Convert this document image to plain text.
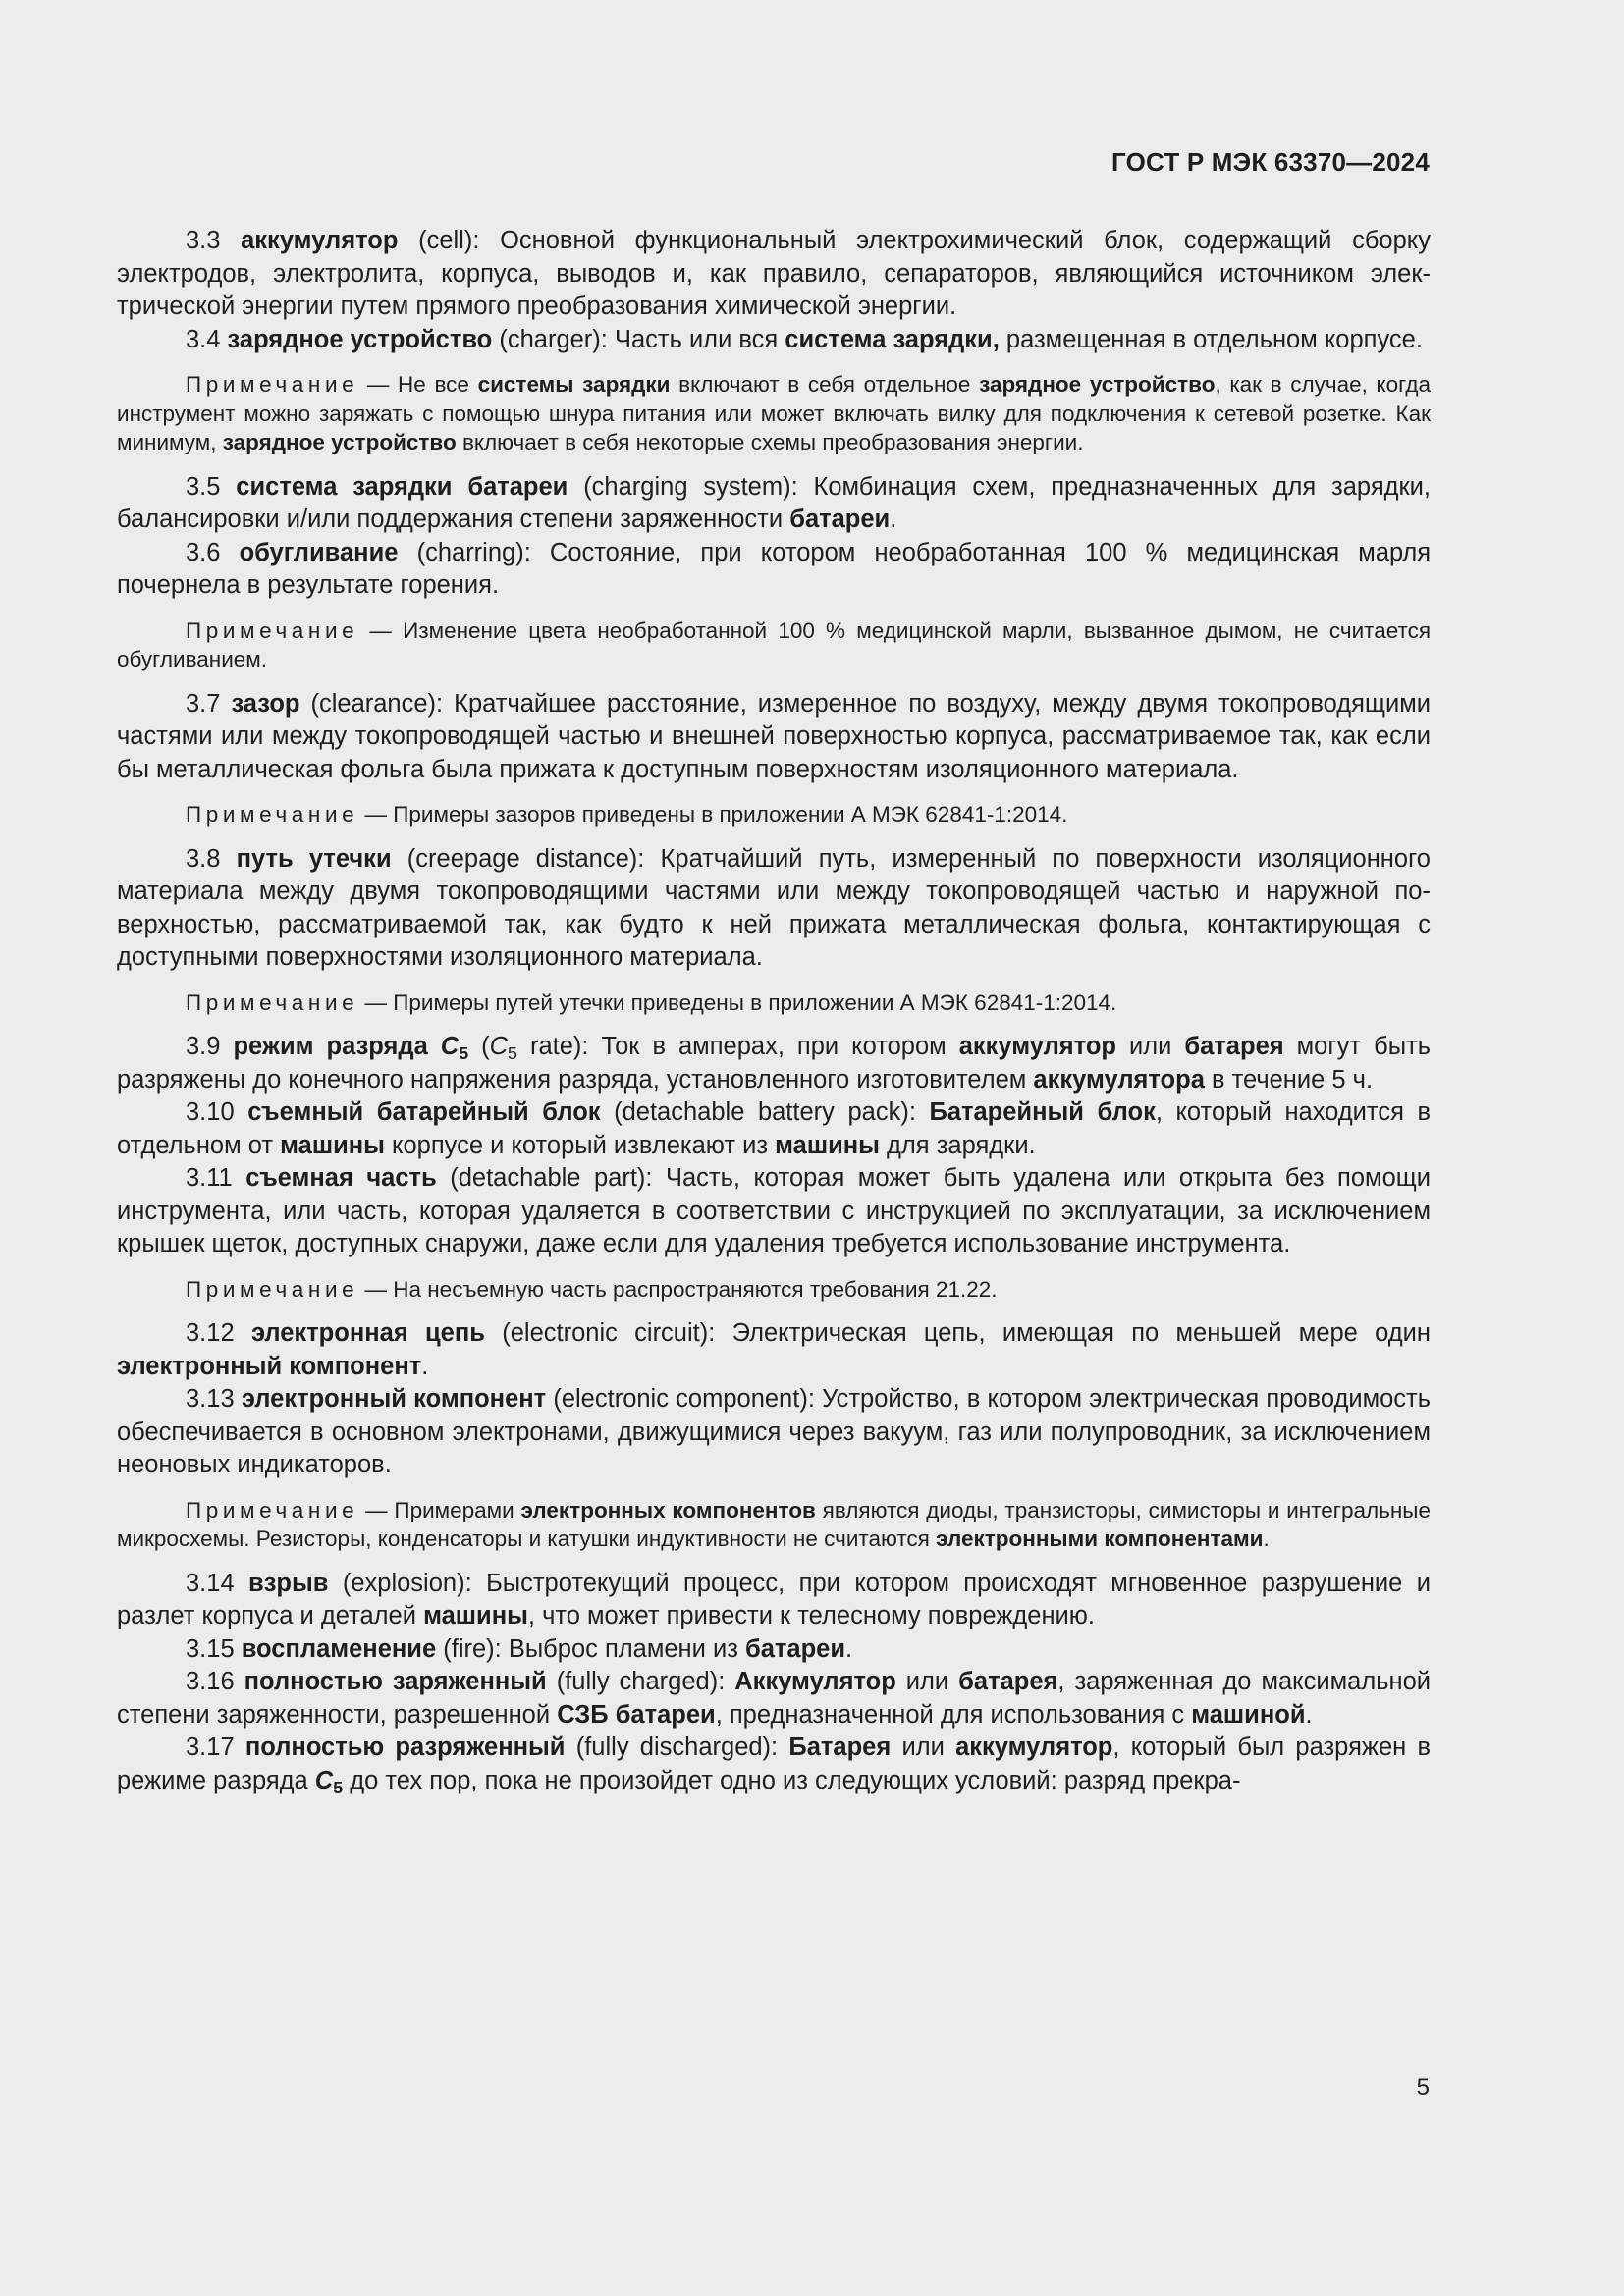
ГОСТ Р МЭК 63370—2024

3.3 аккумулятор (cell): Основной функциональный электрохимический блок, содержащий сборку электродов, электролита, корпуса, выводов и, как правило, сепараторов, являющийся источником электрической энергии путем прямого преобразования химической энергии.

3.4 зарядное устройство (charger): Часть или вся система зарядки, размещенная в отдельном корпусе.

Примечание — Не все системы зарядки включают в себя отдельное зарядное устройство, как в случае, когда инструмент можно заряжать с помощью шнура питания или может включать вилку для подключения к сетевой розетке. Как минимум, зарядное устройство включает в себя некоторые схемы преобразования энергии.

3.5 система зарядки батареи (charging system): Комбинация схем, предназначенных для зарядки, балансировки и/или поддержания степени заряженности батареи.

3.6 обугливание (charring): Состояние, при котором необработанная 100 % медицинская марля почернела в результате горения.

Примечание — Изменение цвета необработанной 100 % медицинской марли, вызванное дымом, не считается обугливанием.

3.7 зазор (clearance): Кратчайшее расстояние, измеренное по воздуху, между двумя токопроводящими частями или между токопроводящей частью и внешней поверхностью корпуса, рассматриваемое так, как если бы металлическая фольга была прижата к доступным поверхностям изоляционного материала.

Примечание — Примеры зазоров приведены в приложении А МЭК 62841-1:2014.

3.8 путь утечки (creepage distance): Кратчайший путь, измеренный по поверхности изоляционного материала между двумя токопроводящими частями или между токопроводящей частью и наружной поверхностью, рассматриваемой так, как будто к ней прижата металлическая фольга, контактирующая с доступными поверхностями изоляционного материала.

Примечание — Примеры путей утечки приведены в приложении А МЭК 62841-1:2014.

3.9 режим разряда $C_5$ ($C_5$ rate): Ток в амперах, при котором аккумулятор или батарея могут быть разряжены до конечного напряжения разряда, установленного изготовителем аккумулятора в течение 5 ч.

3.10 съемный батарейный блок (detachable battery pack): Батарейный блок, который находится в отдельном от машины корпусе и который извлекают из машины для зарядки.

3.11 съемная часть (detachable part): Часть, которая может быть удалена или открыта без помощи инструмента, или часть, которая удаляется в соответствии с инструкцией по эксплуатации, за исключением крышек щеток, доступных снаружи, даже если для удаления требуется использование инструмента.

Примечание — На несъемную часть распространяются требования 21.22.

3.12 электронная цепь (electronic circuit): Электрическая цепь, имеющая по меньшей мере один электронный компонент.

3.13 электронный компонент (electronic component): Устройство, в котором электрическая проводимость обеспечивается в основном электронами, движущимися через вакуум, газ или полупроводник, за исключением неоновых индикаторов.

Примечание — Примерами электронных компонентов являются диоды, транзисторы, симисторы и интегральные микросхемы. Резисторы, конденсаторы и катушки индуктивности не считаются электронными компонентами.

3.14 взрыв (explosion): Быстротекущий процесс, при котором происходят мгновенное разрушение и разлет корпуса и деталей машины, что может привести к телесному повреждению.

3.15 воспламенение (fire): Выброс пламени из батареи.

3.16 полностью заряженный (fully charged): Аккумулятор или батарея, заряженная до максимальной степени заряженности, разрешенной СЗБ батареи, предназначенной для использования с машиной.

3.17 полностью разряженный (fully discharged): Батарея или аккумулятор, который был разряжен в режиме разряда $C_5$ до тех пор, пока не произойдет одно из следующих условий: разряд прекра-

5
